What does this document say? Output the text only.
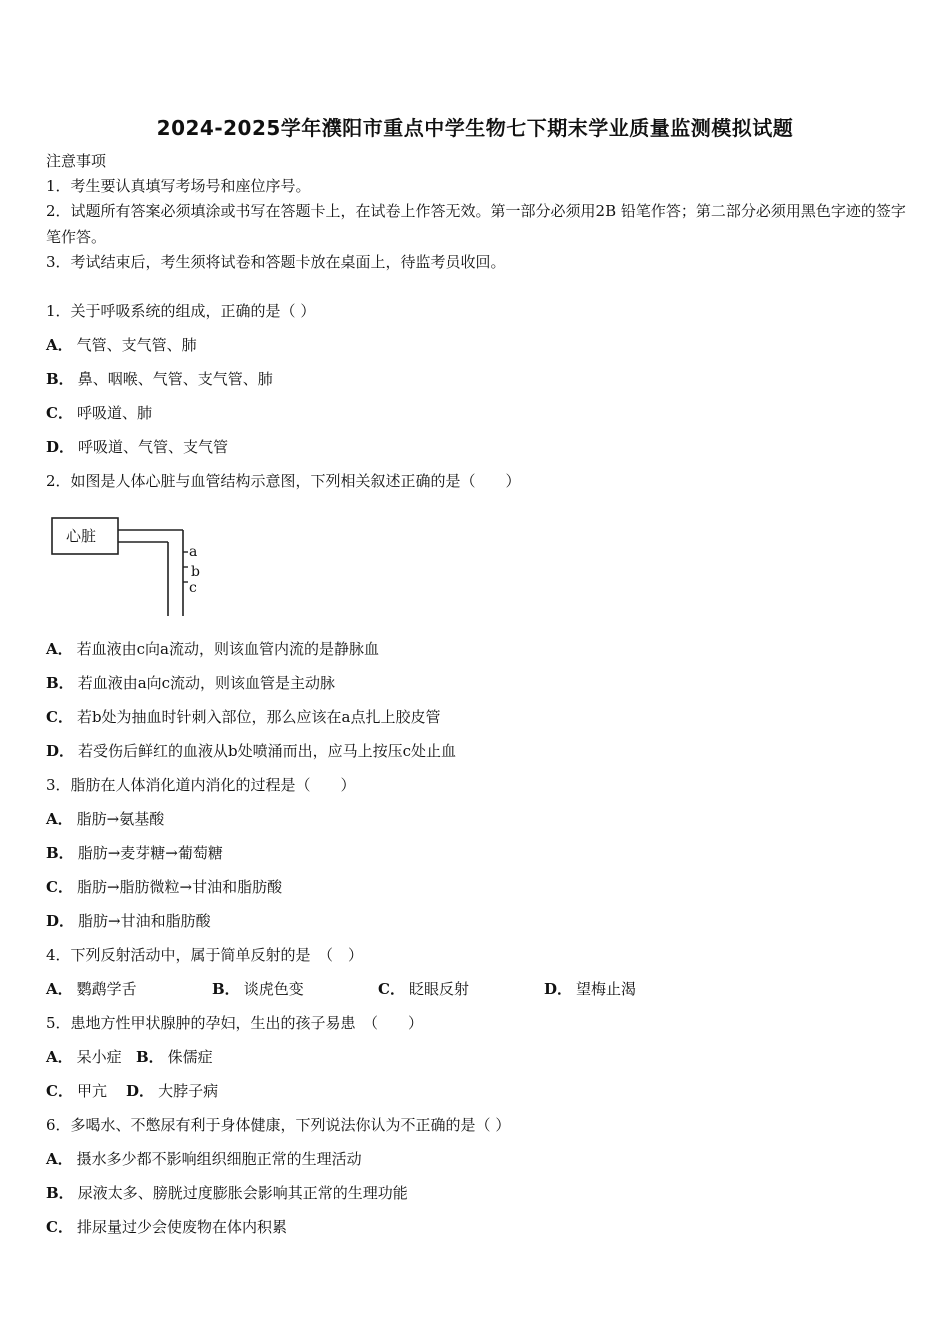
2024-2025学年濮阳市重点中学生物七下期末学业质量监测模拟试题
注意事项
1．考生要认真填写考场号和座位序号。
2．试题所有答案必须填涂或书写在答题卡上，在试卷上作答无效。第一部分必须用2B 铅笔作答；第二部分必须用黑色字迹的签字笔作答。
3．考试结束后，考生须将试卷和答题卡放在桌面上，待监考员收回。
1．关于呼吸系统的组成，正确的是（ ）
A． 气管、支气管、肺
B． 鼻、咽喉、气管、支气管、肺
C． 呼吸道、肺
D． 呼吸道、气管、支气管
2．如图是人体心脏与血管结构示意图，下列相关叙述正确的是（　　）
心脏
a
b
c
A． 若血液由c向a流动，则该血管内流的是静脉血
B． 若血液由a向c流动，则该血管是主动脉
C． 若b处为抽血时针刺入部位，那么应该在a点扎上胶皮管
D． 若受伤后鲜红的血液从b处喷涌而出，应马上按压c处止血
3．脂肪在人体消化道内消化的过程是（　　）
A． 脂肪→氨基酸
B． 脂肪→麦芽糖→葡萄糖
C． 脂肪→脂肪微粒→甘油和脂肪酸
D． 脂肪→甘油和脂肪酸
4．下列反射活动中，属于简单反射的是　（　）
A． 鹦鹉学舌	B． 谈虎色变	C． 眨眼反射	D． 望梅止渴
5．患地方性甲状腺肿的孕妇，生出的孩子易患　（　　）
A． 呆小症 B． 侏儒症
C． 甲亢 D． 大脖子病
6．多喝水、不憋尿有利于身体健康，下列说法你认为不正确的是（ ）
A． 摄水多少都不影响组织细胞正常的生理活动
B． 尿液太多、膀胱过度膨胀会影响其正常的生理功能
C． 排尿量过少会使废物在体内积累
